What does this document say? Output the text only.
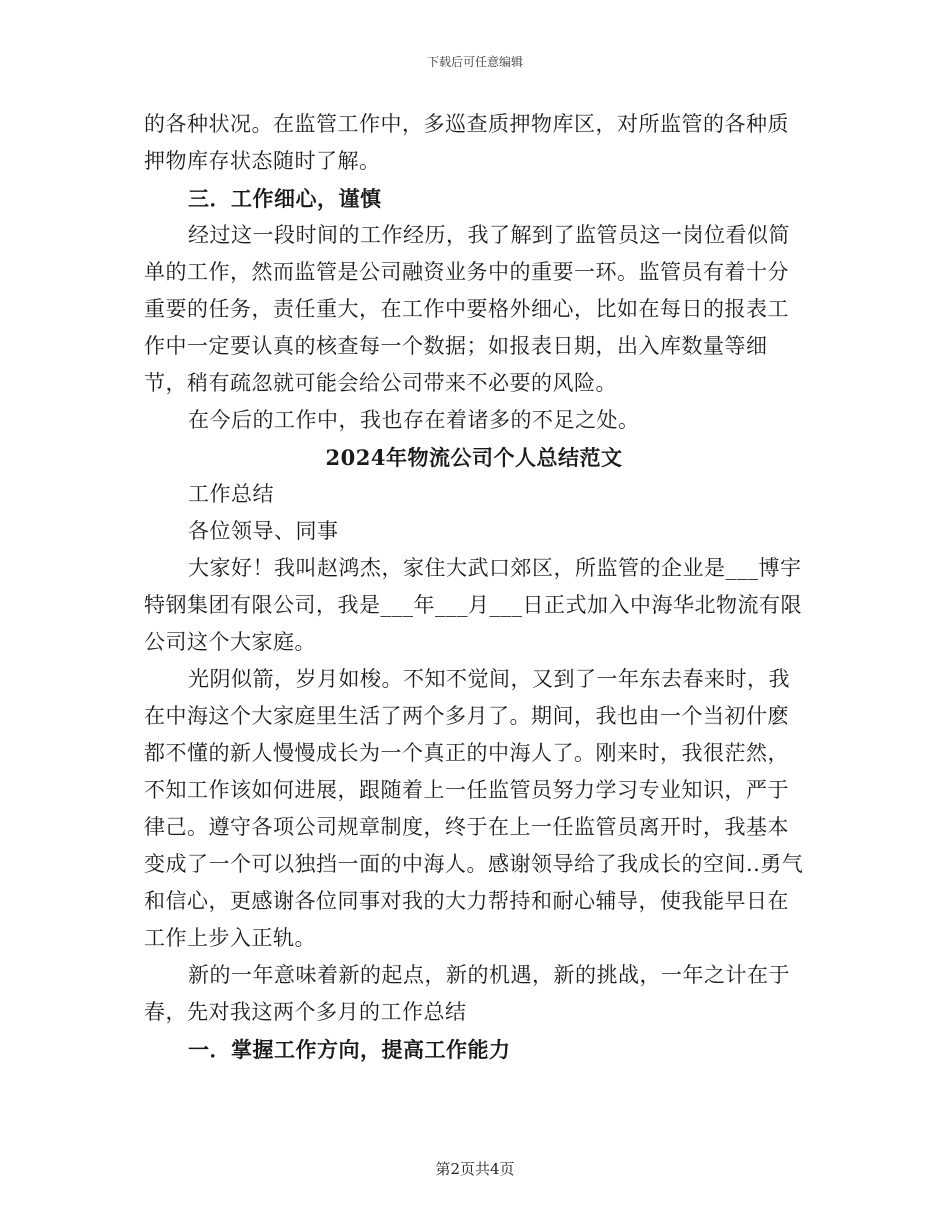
下载后可任意编辑

的各种状况。在监管工作中，多巡查质押物库区，对所监管的各种质押物库存状态随时了解。

三．工作细心，谨慎

经过这一段时间的工作经历，我了解到了监管员这一岗位看似简单的工作，然而监管是公司融资业务中的重要一环。监管员有着十分重要的任务，责任重大，在工作中要格外细心，比如在每日的报表工作中一定要认真的核查每一个数据；如报表日期，出入库数量等细节，稍有疏忽就可能会给公司带来不必要的风险。

在今后的工作中，我也存在着诸多的不足之处。

2024年物流公司个人总结范文

工作总结

各位领导、同事

大家好！我叫赵鸿杰，家住大武口郊区，所监管的企业是___博宇特钢集团有限公司，我是___年___月___日正式加入中海华北物流有限公司这个大家庭。

光阴似箭，岁月如梭。不知不觉间，又到了一年东去春来时，我在中海这个大家庭里生活了两个多月了。期间，我也由一个当初什麽都不懂的新人慢慢成长为一个真正的中海人了。刚来时，我很茫然，不知工作该如何进展，跟随着上一任监管员努力学习专业知识，严于律己。遵守各项公司规章制度，终于在上一任监管员离开时，我基本变成了一个可以独挡一面的中海人。感谢领导给了我成长的空间..勇气和信心，更感谢各位同事对我的大力帮持和耐心辅导，使我能早日在工作上步入正轨。

新的一年意味着新的起点，新的机遇，新的挑战，一年之计在于春，先对我这两个多月的工作总结

一．掌握工作方向，提高工作能力

第2页共4页
